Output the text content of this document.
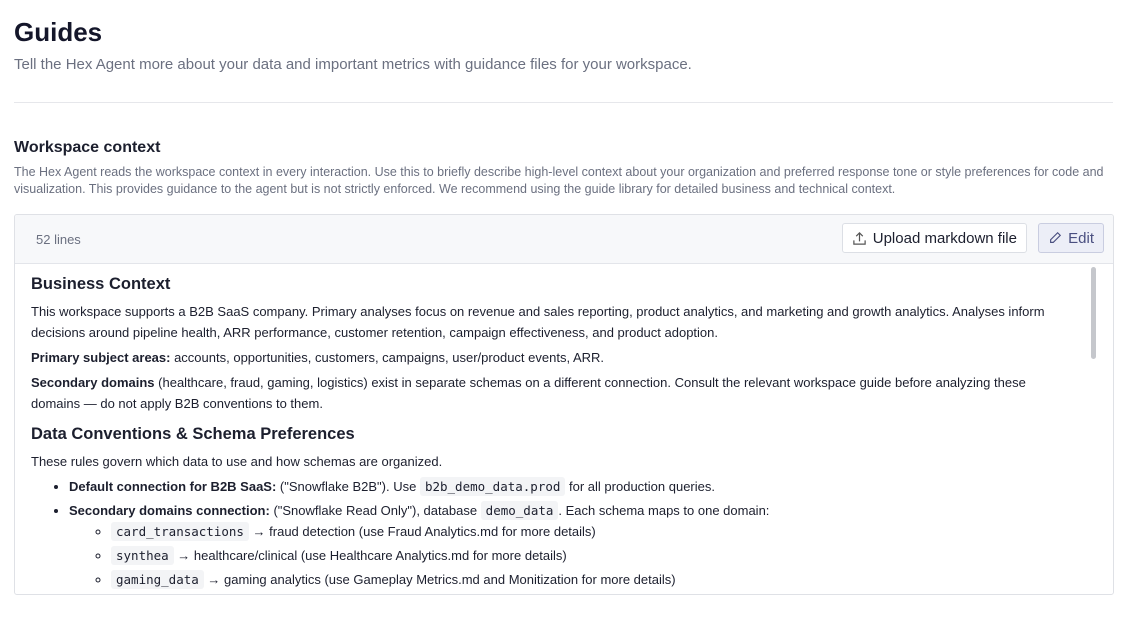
Guides
Tell the Hex Agent more about your data and important metrics with guidance files for your workspace.
Workspace context
The Hex Agent reads the workspace context in every interaction. Use this to briefly describe high-level context about your organization and preferred response tone or style preferences for code and visualization. This provides guidance to the agent but is not strictly enforced. We recommend using the guide library for detailed business and technical context.
52 lines	Upload markdown file	Edit
Business Context

This workspace supports a B2B SaaS company. Primary analyses focus on revenue and sales reporting, product analytics, and marketing and growth analytics. Analyses inform decisions around pipeline health, ARR performance, customer retention, campaign effectiveness, and product adoption.

Primary subject areas: accounts, opportunities, customers, campaigns, user/product events, ARR.

Secondary domains (healthcare, fraud, gaming, logistics) exist in separate schemas on a different connection. Consult the relevant workspace guide before analyzing these domains — do not apply B2B conventions to them.

Data Conventions & Schema Preferences

These rules govern which data to use and how schemas are organized.

• Default connection for B2B SaaS: ("Snowflake B2B"). Use b2b_demo_data.prod for all production queries.
• Secondary domains connection: ("Snowflake Read Only"), database demo_data . Each schema maps to one domain:
◦ card_transactions → fraud detection (use Fraud Analytics.md for more details)
◦ synthea → healthcare/clinical (use Healthcare Analytics.md for more details)
◦ gaming_data → gaming analytics (use Gameplay Metrics.md and Monitization for more details)
